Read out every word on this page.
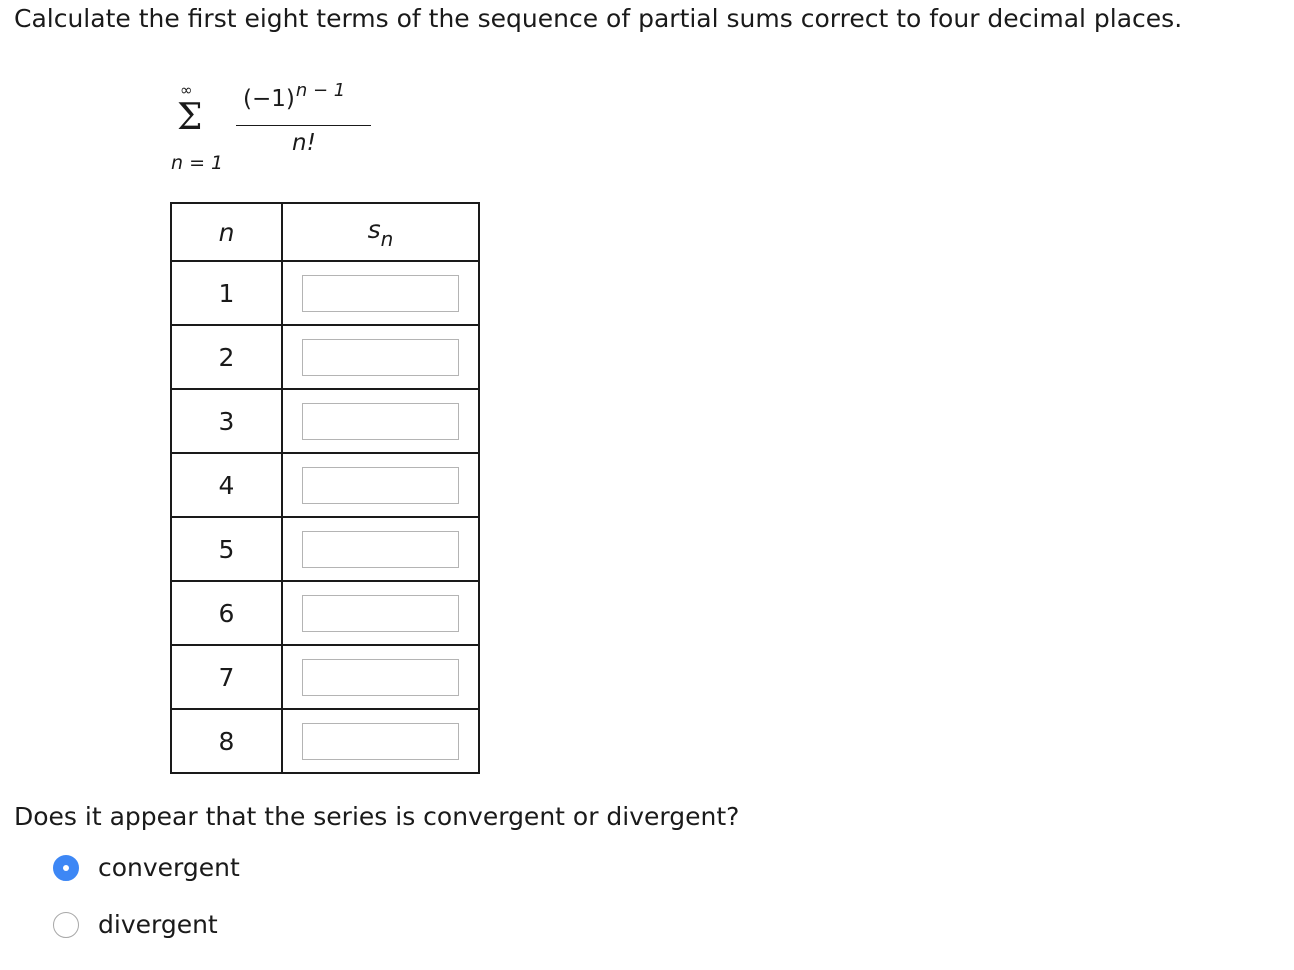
Calculate the first eight terms of the sequence of partial sums correct to four decimal places.
∞
Σ
n = 1
$(-1)^{n - 1}$
n!
n	$s_n$
1	

2	

3	

4	

5	

6	

7	

8	
Does it appear that the series is convergent or divergent?
convergent
divergent
